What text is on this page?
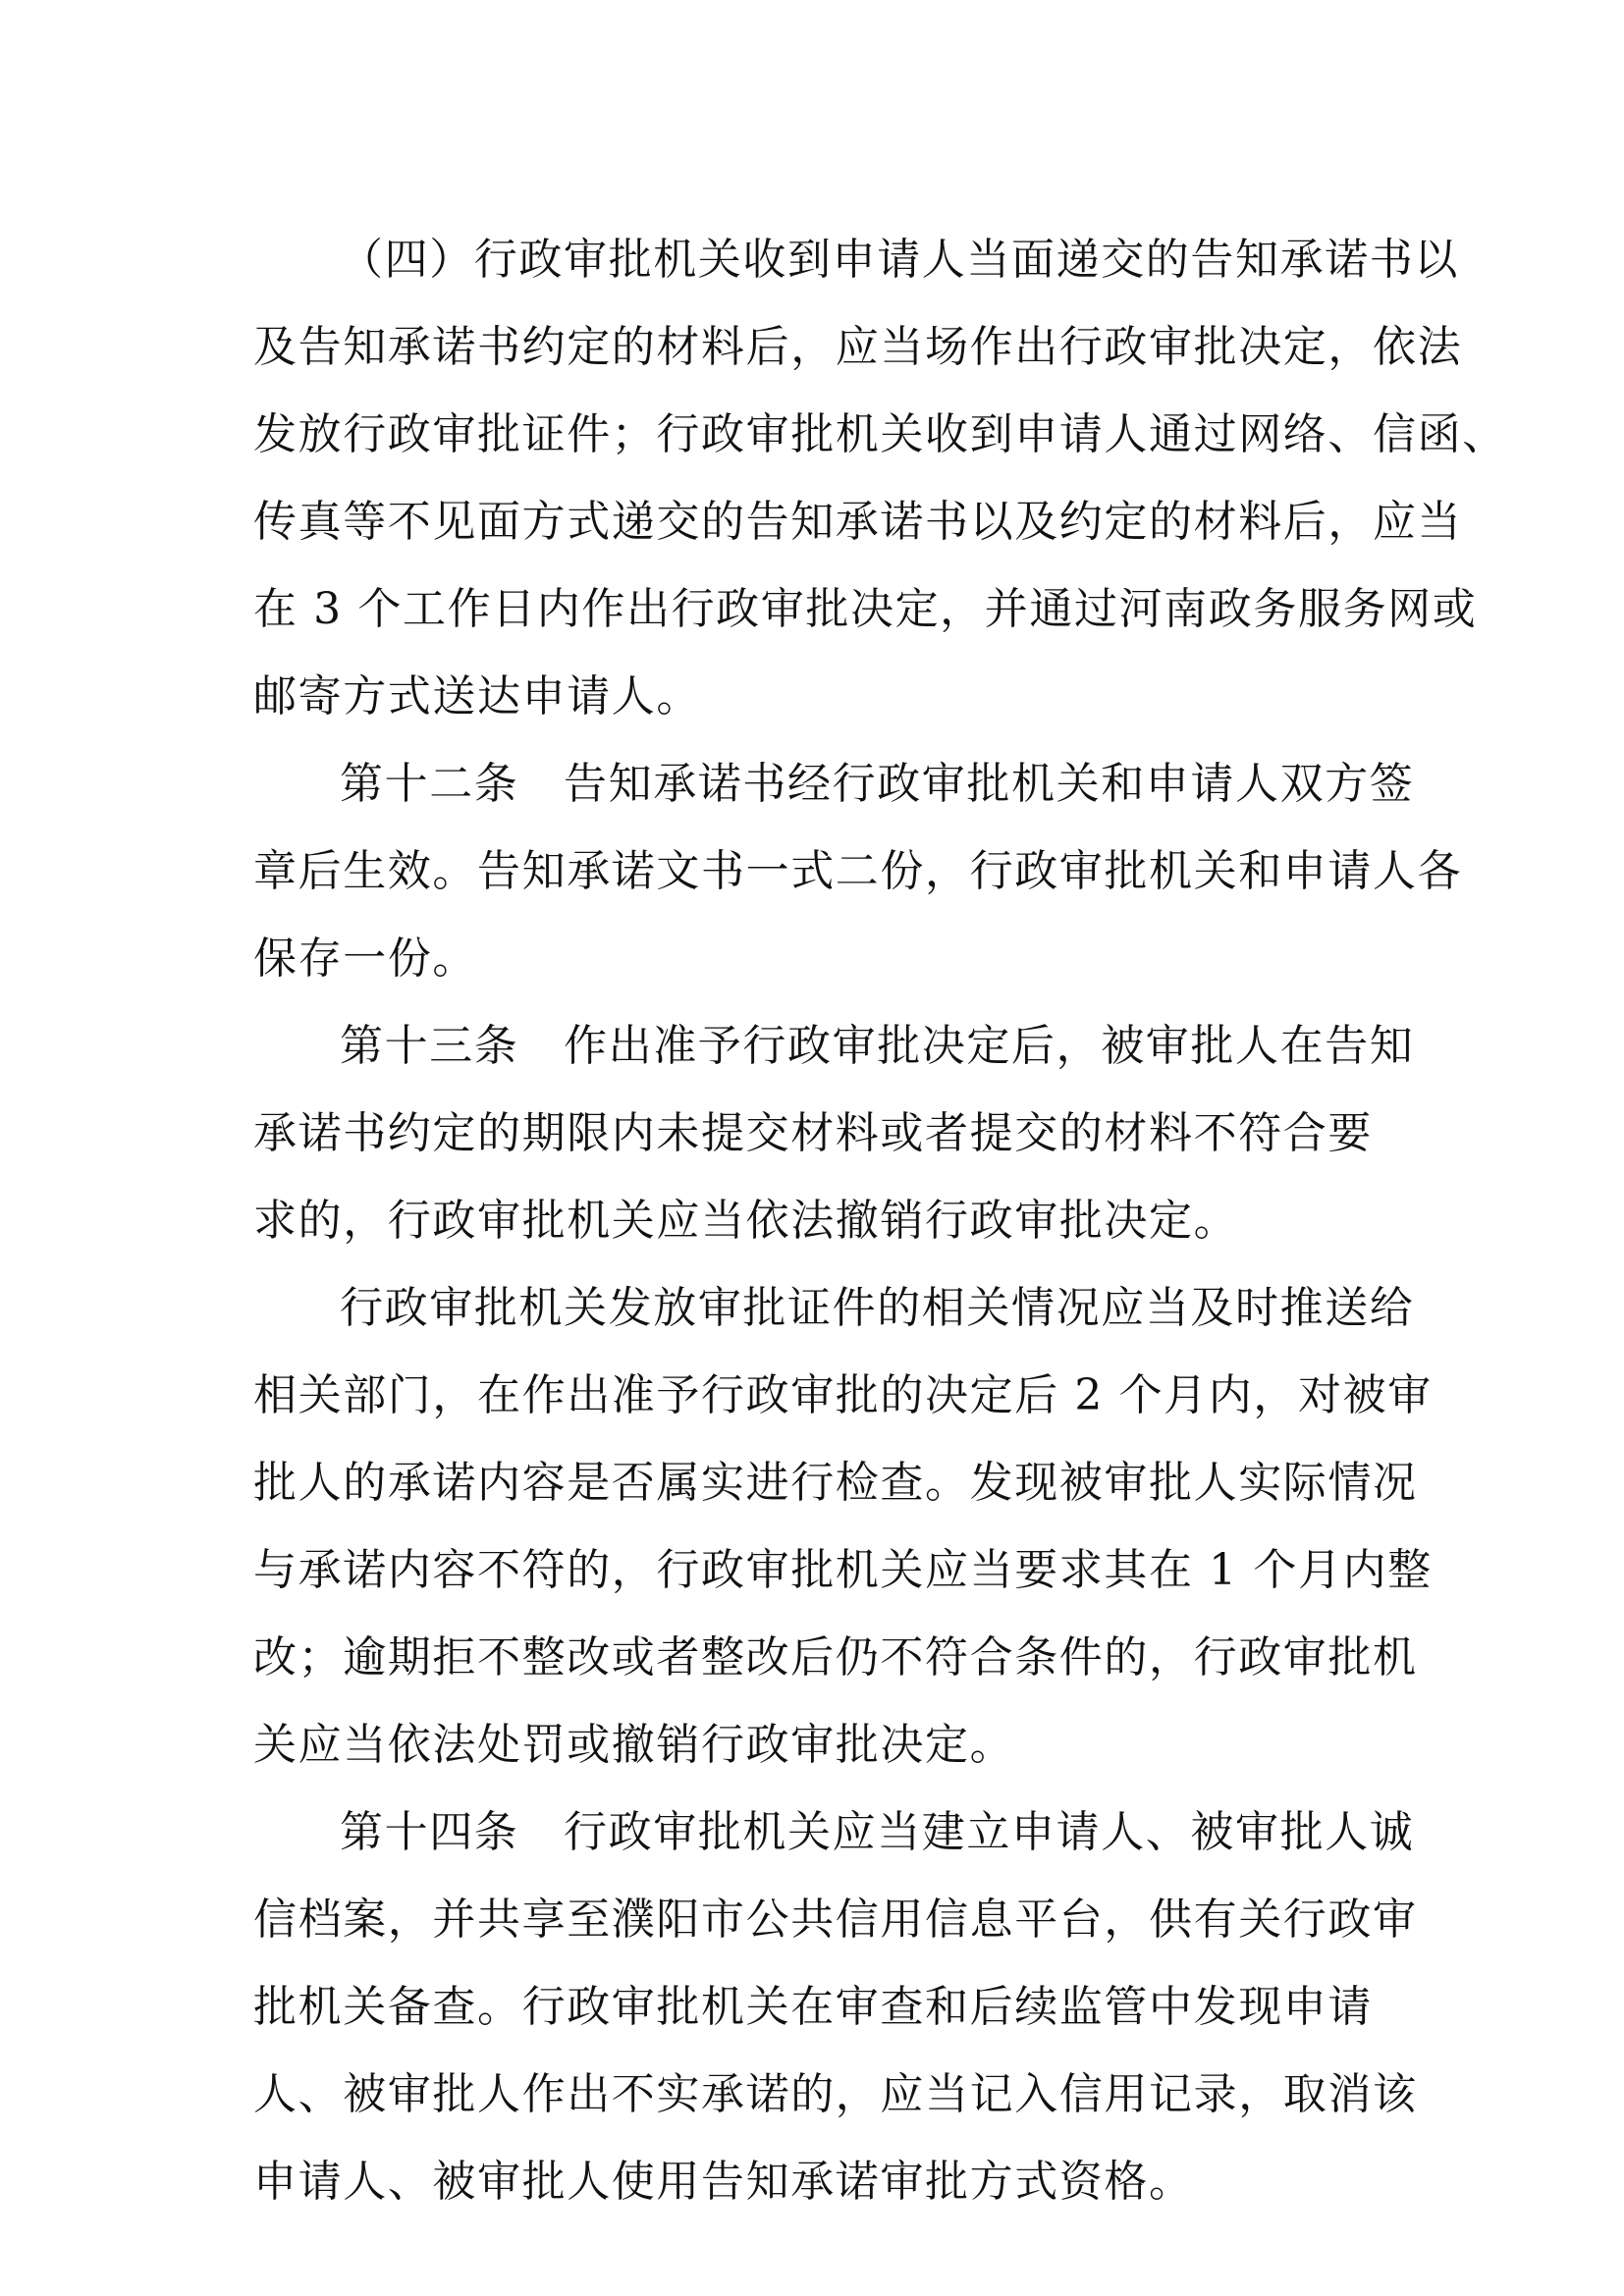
（四）行政审批机关收到申请人当面递交的告知承诺书以
及告知承诺书约定的材料后，应当场作出行政审批决定，依法
发放行政审批证件；行政审批机关收到申请人通过网络、信函、
传真等不见面方式递交的告知承诺书以及约定的材料后，应当
在 3 个工作日内作出行政审批决定，并通过河南政务服务网或
邮寄方式送达申请人。
第十二条　告知承诺书经行政审批机关和申请人双方签
章后生效。告知承诺文书一式二份，行政审批机关和申请人各
保存一份。
第十三条　作出准予行政审批决定后，被审批人在告知
承诺书约定的期限内未提交材料或者提交的材料不符合要
求的，行政审批机关应当依法撤销行政审批决定。
行政审批机关发放审批证件的相关情况应当及时推送给
相关部门，在作出准予行政审批的决定后 2 个月内，对被审
批人的承诺内容是否属实进行检查。发现被审批人实际情况
与承诺内容不符的，行政审批机关应当要求其在 1 个月内整
改；逾期拒不整改或者整改后仍不符合条件的，行政审批机
关应当依法处罚或撤销行政审批决定。
第十四条　行政审批机关应当建立申请人、被审批人诚
信档案，并共享至濮阳市公共信用信息平台，供有关行政审
批机关备查。行政审批机关在审查和后续监管中发现申请
人、被审批人作出不实承诺的，应当记入信用记录，取消该
申请人、被审批人使用告知承诺审批方式资格。
